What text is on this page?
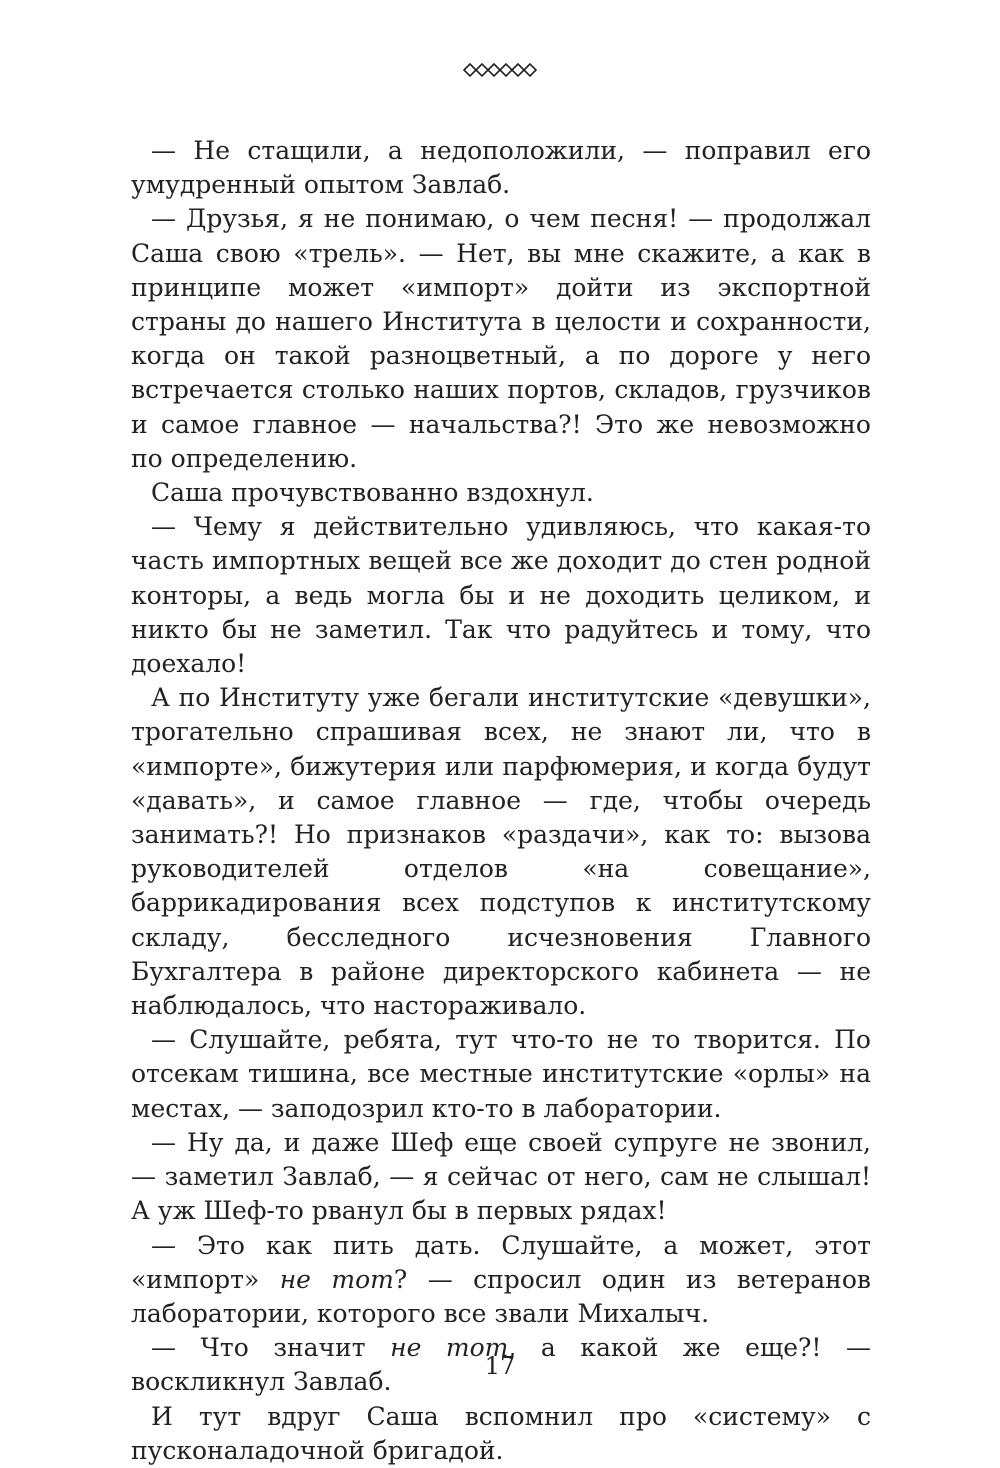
— Не стащили, а недоположили, — поправил его умудренный опытом Завлаб.

— Друзья, я не понимаю, о чем песня! — продолжал Саша свою «трель». — Нет, вы мне скажите, а как в принципе может «импорт» дойти из экспортной страны до нашего Института в целости и сохранности, когда он такой разноцветный, а по дороге у него встречается столько наших портов, складов, грузчиков и самое главное — начальства?! Это же невозможно по определению.

Саша прочувствованно вздохнул.

— Чему я действительно удивляюсь, что какая-то часть импортных вещей все же доходит до стен родной конторы, а ведь могла бы и не доходить целиком, и никто бы не заметил. Так что радуйтесь и тому, что доехало!

А по Институту уже бегали институтские «девушки», трогательно спрашивая всех, не знают ли, что в «импорте», бижутерия или парфюмерия, и когда будут «давать», и самое главное — где, чтобы очередь занимать?! Но признаков «раздачи», как то: вызова руководителей отделов «на совещание», баррикадирования всех подступов к институтскому складу, бесследного исчезновения Главного Бухгалтера в районе директорского кабинета — не наблюдалось, что настораживало.

— Слушайте, ребята, тут что-то не то творится. По отсекам тишина, все местные институтские «орлы» на местах, — заподозрил кто-то в лаборатории.

— Ну да, и даже Шеф еще своей супруге не звонил, — заметил Завлаб, — я сейчас от него, сам не слышал! А уж Шеф-то рванул бы в первых рядах!

— Это как пить дать. Слушайте, а может, этот «импорт» не тот? — спросил один из ветеранов лаборатории, которого все звали Михалыч.

— Что значит не тот, а какой же еще?! — воскликнул Завлаб.

И тут вдруг Саша вспомнил про «систему» с пусконаладочной бригадой.

17
